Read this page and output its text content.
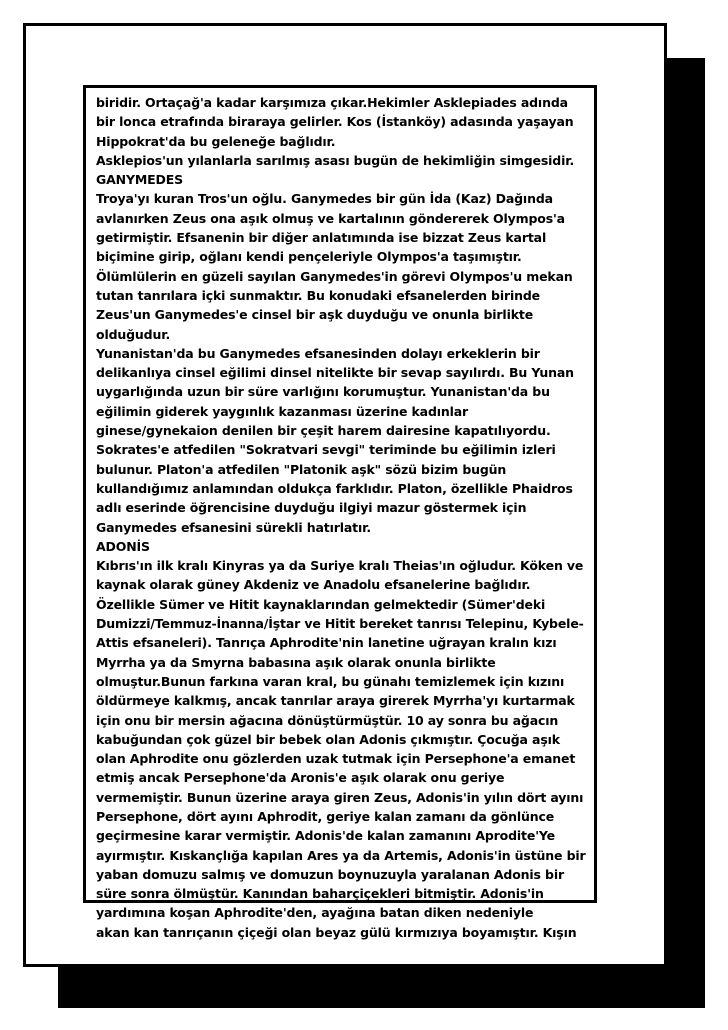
biridir. Ortaçağ'a kadar karşımıza çıkar.Hekimler Asklepiades adında
bir lonca etrafında biraraya gelirler. Kos (İstanköy) adasında yaşayan
Hippokrat'da bu geleneğe bağlıdır.
Asklepios'un yılanlarla sarılmış asası bugün de hekimliğin simgesidir.
GANYMEDES
Troya'yı kuran Tros'un oğlu. Ganymedes bir gün İda (Kaz) Dağında
avlanırken Zeus ona aşık olmuş ve kartalının göndererek Olympos'a
getirmiştir. Efsanenin bir diğer anlatımında ise bizzat Zeus kartal
biçimine girip, oğlanı kendi pençeleriyle Olympos'a taşımıştır.
Ölümlülerin en güzeli sayılan Ganymedes'in görevi Olympos'u mekan
tutan tanrılara içki sunmaktır. Bu konudaki efsanelerden birinde
Zeus'un Ganymedes'e cinsel bir aşk duyduğu ve onunla birlikte
olduğudur.
Yunanistan'da bu Ganymedes efsanesinden dolayı erkeklerin bir
delikanlıya cinsel eğilimi dinsel nitelikte bir sevap sayılırdı. Bu Yunan
uygarlığında uzun bir süre varlığını korumuştur. Yunanistan'da bu
eğilimin giderek yaygınlık kazanması üzerine kadınlar
ginese/gynekaion denilen bir çeşit harem dairesine kapatılıyordu.
Sokrates'e atfedilen "Sokratvari sevgi" teriminde bu eğilimin izleri
bulunur. Platon'a atfedilen "Platonik aşk" sözü bizim bugün
kullandığımız anlamından oldukça farklıdır. Platon, özellikle Phaidros
adlı eserinde öğrencisine duyduğu ilgiyi mazur göstermek için
Ganymedes efsanesini sürekli hatırlatır.
ADONİS
Kıbrıs'ın ilk kralı Kinyras ya da Suriye kralı Theias'ın oğludur. Köken ve
kaynak olarak güney Akdeniz ve Anadolu efsanelerine bağlıdır.
Özellikle Sümer ve Hitit kaynaklarından gelmektedir (Sümer'deki
Dumizzi/Temmuz-İnanna/İştar ve Hitit bereket tanrısı Telepinu, Kybele-
Attis efsaneleri). Tanrıça Aphrodite'nin lanetine uğrayan kralın kızı
Myrrha ya da Smyrna babasına aşık olarak onunla birlikte
olmuştur.Bunun farkına varan kral, bu günahı temizlemek için kızını
öldürmeye kalkmış, ancak tanrılar araya girerek Myrrha'yı kurtarmak
için onu bir mersin ağacına dönüştürmüştür. 10 ay sonra bu ağacın
kabuğundan çok güzel bir bebek olan Adonis çıkmıştır. Çocuğa aşık
olan Aphrodite onu gözlerden uzak tutmak için Persephone'a emanet
etmiş ancak Persephone'da Aronis'e aşık olarak onu geriye
vermemiştir. Bunun üzerine araya giren Zeus, Adonis'in yılın dört ayını
Persephone, dört ayını Aphrodit, geriye kalan zamanı da gönlünce
geçirmesine karar vermiştir. Adonis'de kalan zamanını Aprodite'Ye
ayırmıştır. Kıskançlığa kapılan Ares ya da Artemis, Adonis'in üstüne bir
yaban domuzu salmış ve domuzun boynuzuyla yaralanan Adonis bir
süre sonra ölmüştür. Kanından baharçiçekleri bitmiştir. Adonis'in
yardımına koşan Aphrodite'den, ayağına batan diken nedeniyle
akan kan tanrıçanın çiçeği olan beyaz gülü kırmızıya boyamıştır. Kışın
